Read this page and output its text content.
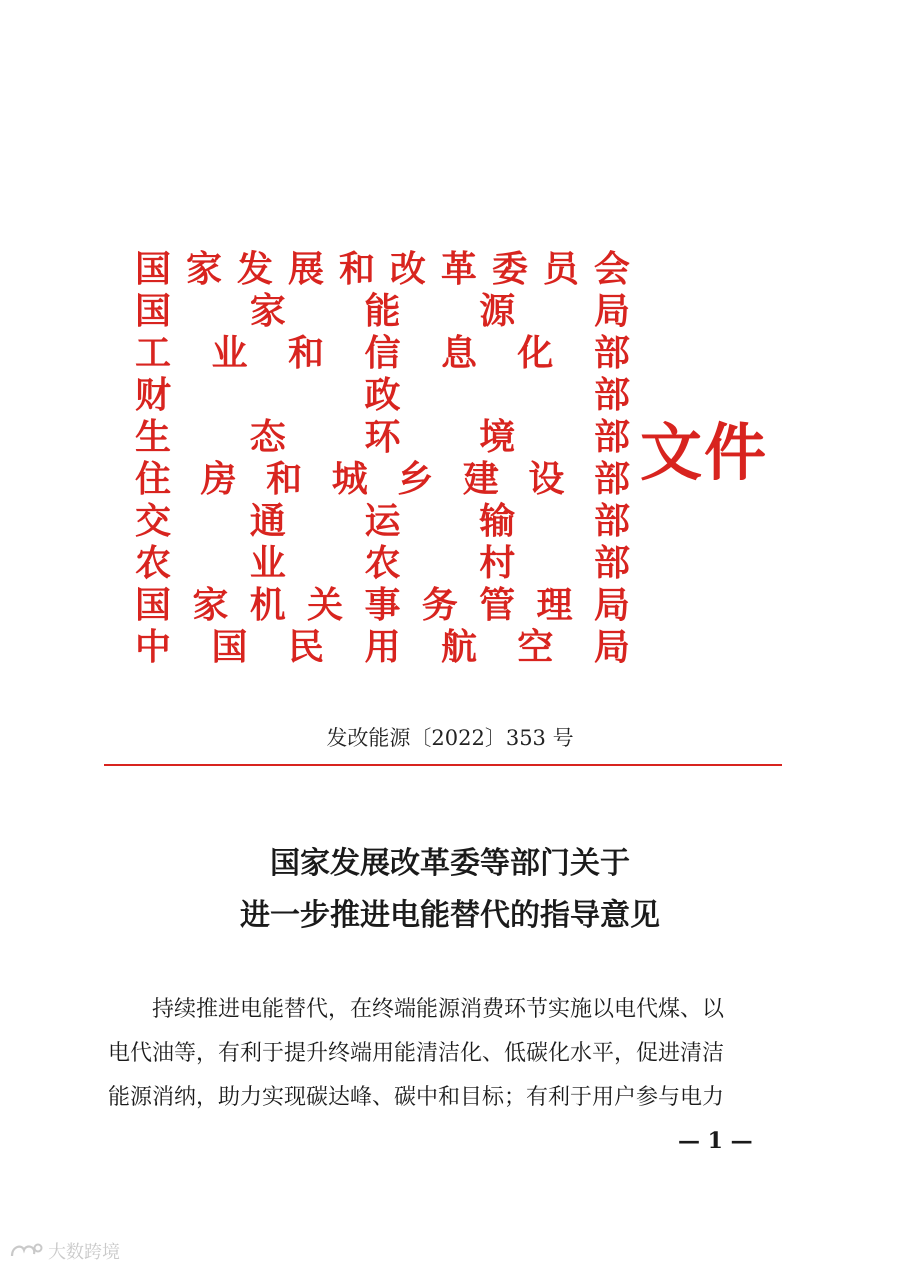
国 家 发 展 和 改 革 委 员 会
国 家 能 源 局
工 业 和 信 息 化 部
财	政	部
生 态 环 境 部
住 房 和 城 乡 建 设 部
交 通 运 输 部
农 业 农 村 部
国 家 机 关 事 务 管 理 局
中 国 民 用 航 空 局
文件
发改能源〔2022〕353 号
国家发展改革委等部门关于
进一步推进电能替代的指导意见
　　持续推进电能替代，在终端能源消费环节实施以电代煤、以
电代油等，有利于提升终端用能清洁化、低碳化水平，促进清洁
能源消纳，助力实现碳达峰、碳中和目标；有利于用户参与电力
— 1 —
大数跨境
